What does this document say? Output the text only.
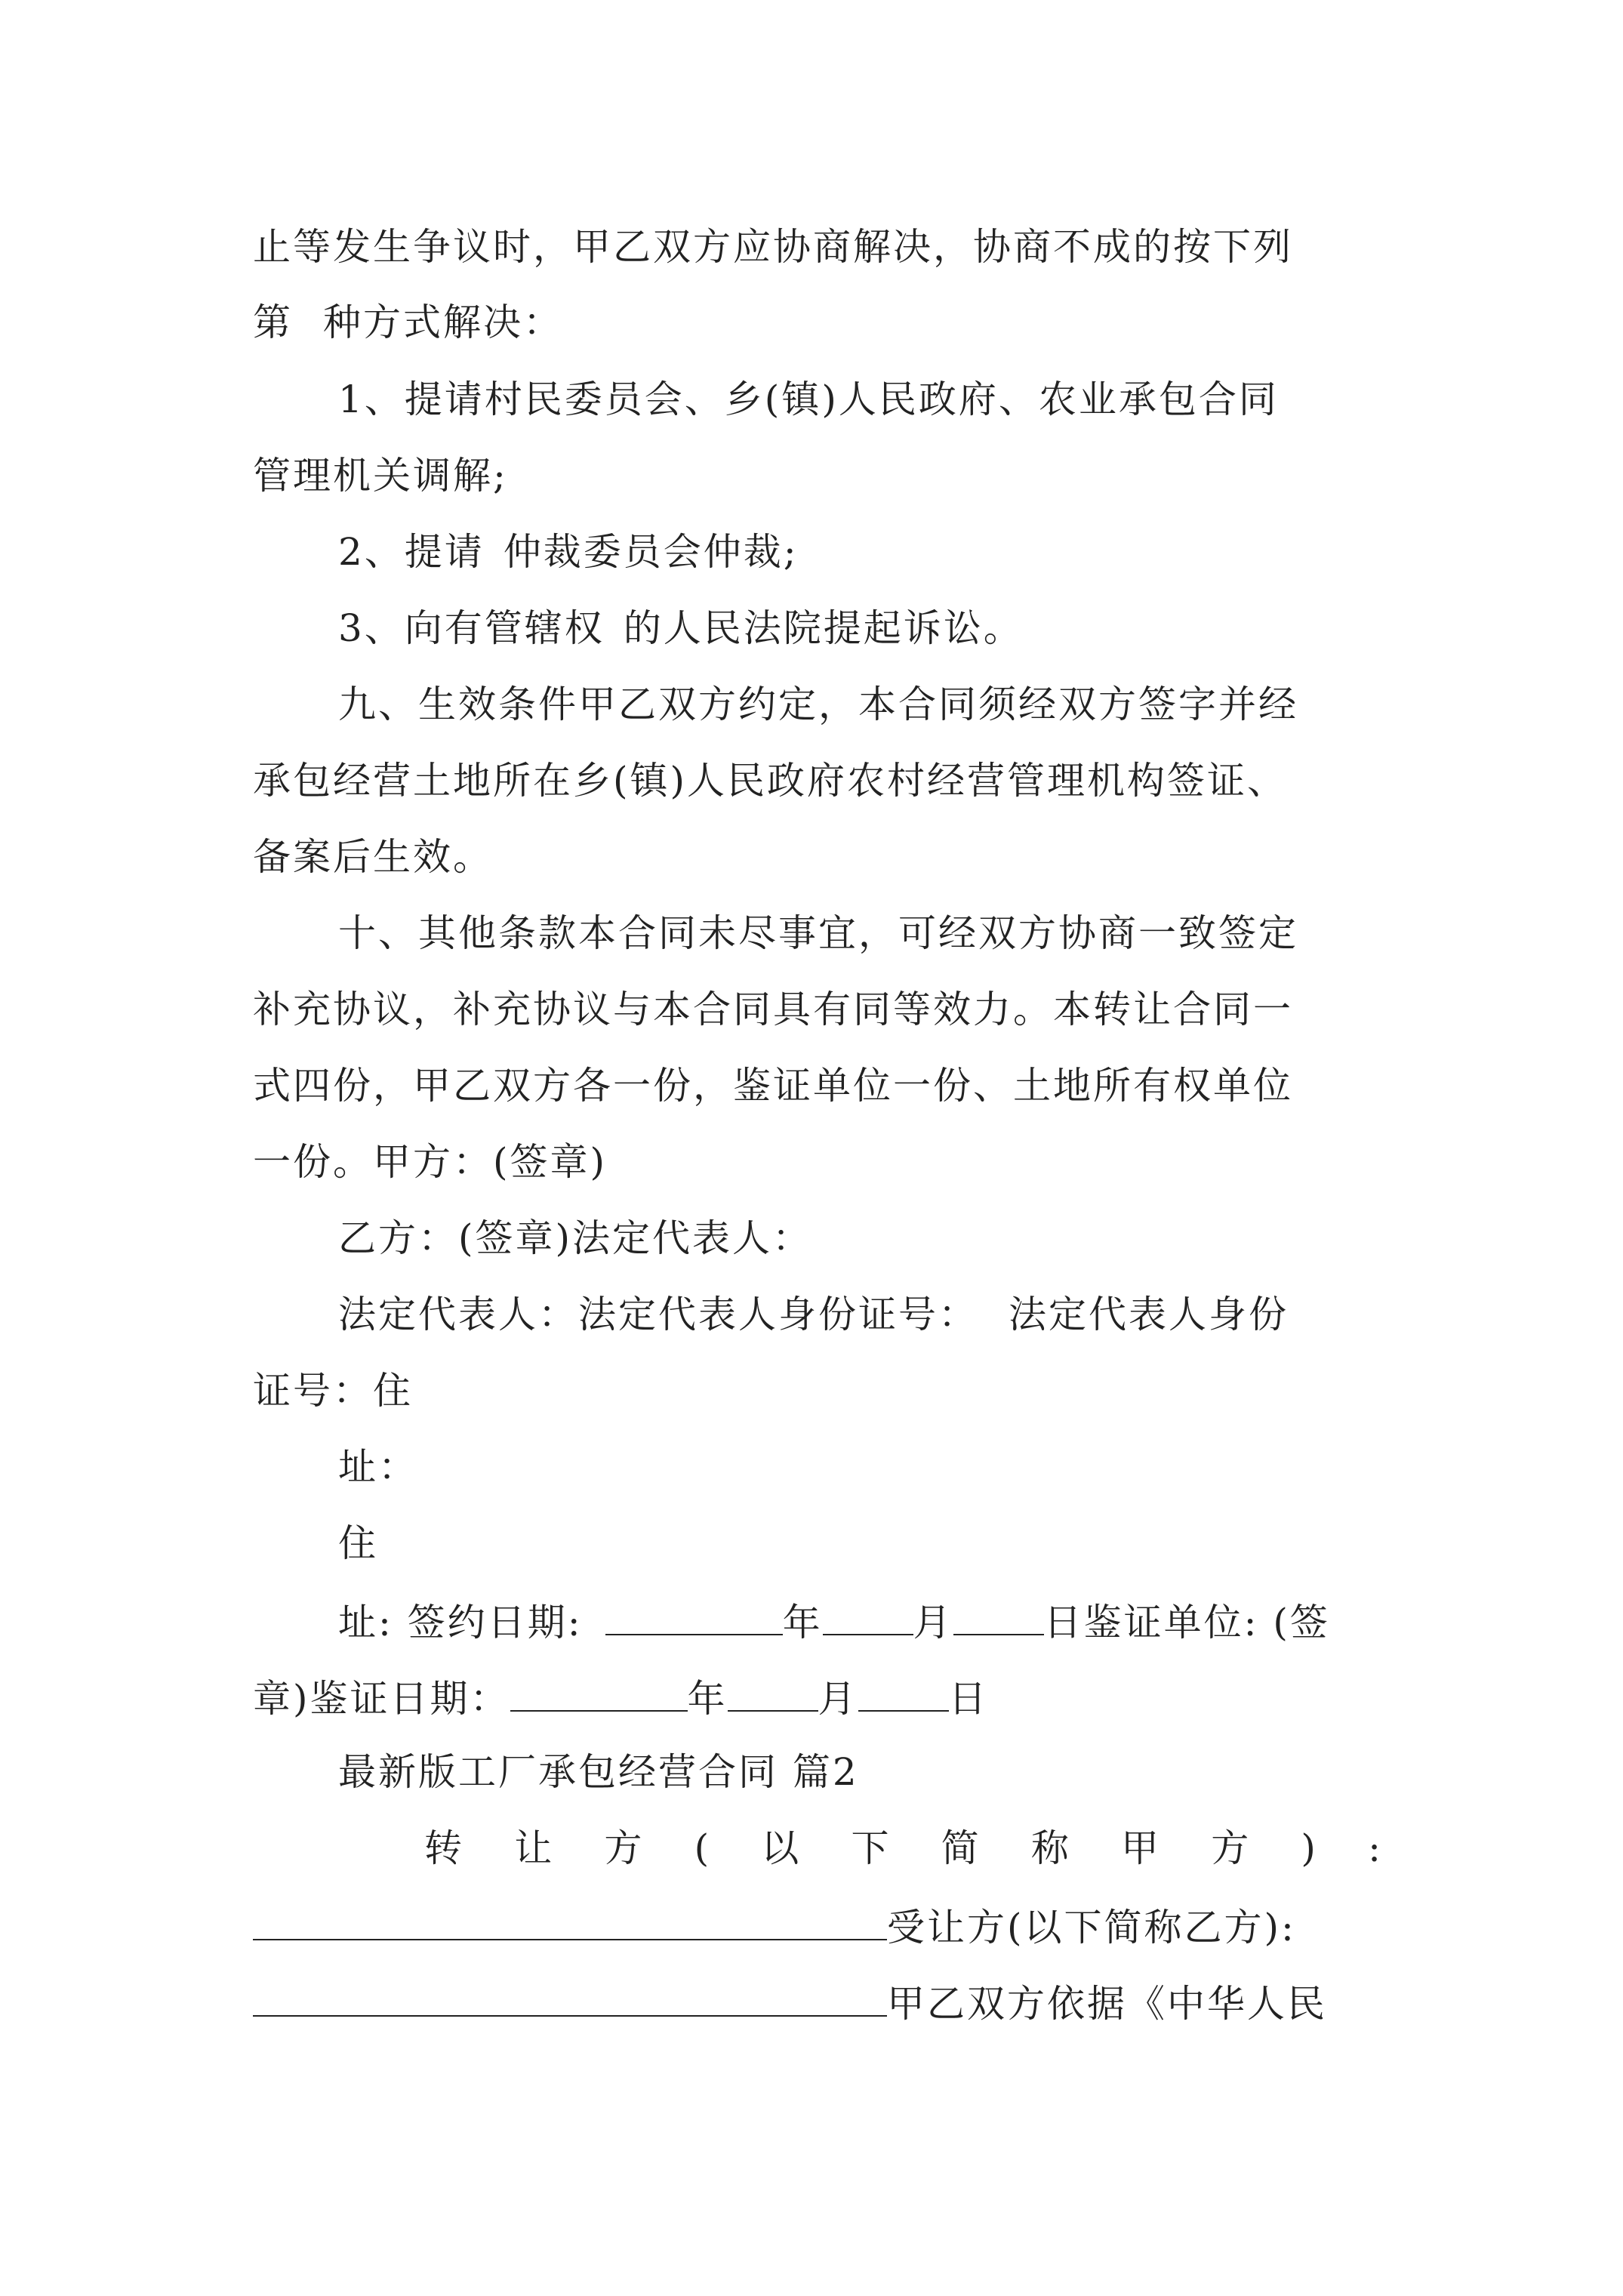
止等发生争议时，甲乙双方应协商解决，协商不成的按下列
第 种方式解决：
1、提请村民委员会、乡(镇)人民政府、农业承包合同
管理机关调解;
2、提请 仲裁委员会仲裁;
3、向有管辖权 的人民法院提起诉讼。
九、生效条件甲乙双方约定，本合同须经双方签字并经
承包经营土地所在乡(镇)人民政府农村经营管理机构签证、
备案后生效。
十、其他条款本合同未尽事宜，可经双方协商一致签定
补充协议，补充协议与本合同具有同等效力。本转让合同一
式四份，甲乙双方各一份，鉴证单位一份、土地所有权单位
一份。甲方：(签章)
乙方：(签章)法定代表人：
法定代表人：法定代表人身份证号： 法定代表人身份
证号：住
址：
住
址: 签约日期:	年 月 日鉴证单位: (签
章)鉴证日期：	年 月 日
最新版工厂承包经营合同 篇2
转 让 方 ( 以 下 简 称 甲 方 ) :
受让方(以下简称乙方):
甲乙双方依据《中华人民
